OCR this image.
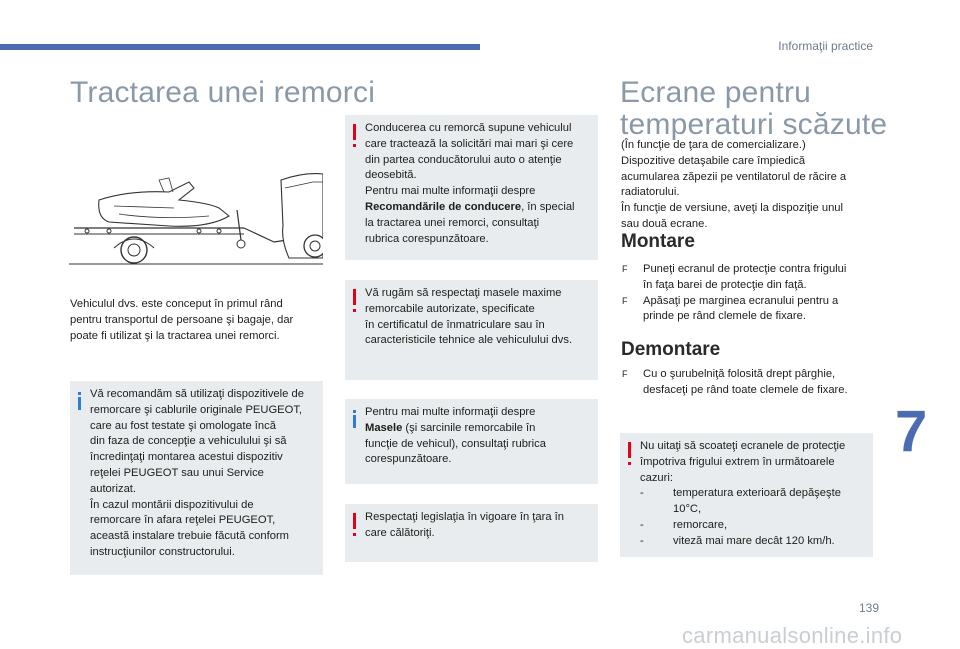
Informaţii practice
Tractarea unei remorci
Vehiculul dvs. este conceput în primul rând
pentru transportul de persoane şi bagaje, dar
poate fi utilizat şi la tractarea unei remorci.
Vă recomandăm să utilizaţi dispozitivele de
remorcare şi cablurile originale PEUGEOT,
care au fost testate şi omologate încă
din faza de concepţie a vehiculului şi să
încredinţaţi montarea acestui dispozitiv
reţelei PEUGEOT sau unui Service
autorizat.
În cazul montării dispozitivului de
remorcare în afara reţelei PEUGEOT,
această instalare trebuie făcută conform
instrucţiunilor constructorului.
Conducerea cu remorcă supune vehiculul
care tractează la solicitări mai mari şi cere
din partea conducătorului auto o atenţie
deosebită.
Pentru mai multe informaţii despre
Recomandările de conducere, în special
la tractarea unei remorci, consultaţi
rubrica corespunzătoare.
Vă rugăm să respectaţi masele maxime
remorcabile autorizate, specificate
în certificatul de înmatriculare sau în
caracteristicile tehnice ale vehiculului dvs.
Pentru mai multe informaţii despre
Masele (şi sarcinile remorcabile în
funcţie de vehicul), consultaţi rubrica
corespunzătoare.
Respectaţi legislaţia în vigoare în ţara în
care călătoriţi.
Ecrane pentru
temperaturi scăzute
(În funcţie de ţara de comercializare.)
Dispozitive detaşabile care împiedică
acumularea zăpezii pe ventilatorul de răcire a
radiatorului.
În funcţie de versiune, aveţi la dispoziţie unul
sau două ecrane.
Montare
F Puneţi ecranul de protecţie contra frigului
în faţa barei de protecţie din faţă.
F Apăsaţi pe marginea ecranului pentru a
prinde pe rând clemele de fixare.
Demontare
F Cu o şurubelniţă folosită drept pârghie,
desfaceţi pe rând toate clemele de fixare.
Nu uitaţi să scoateţi ecranele de protecţie
împotriva frigului extrem în următoarele
cazuri:
- temperatura exterioară depăşeşte
10°C,
- remorcare,
- viteză mai mare decât 120 km/h.
7
139
carmanualsonline.info
